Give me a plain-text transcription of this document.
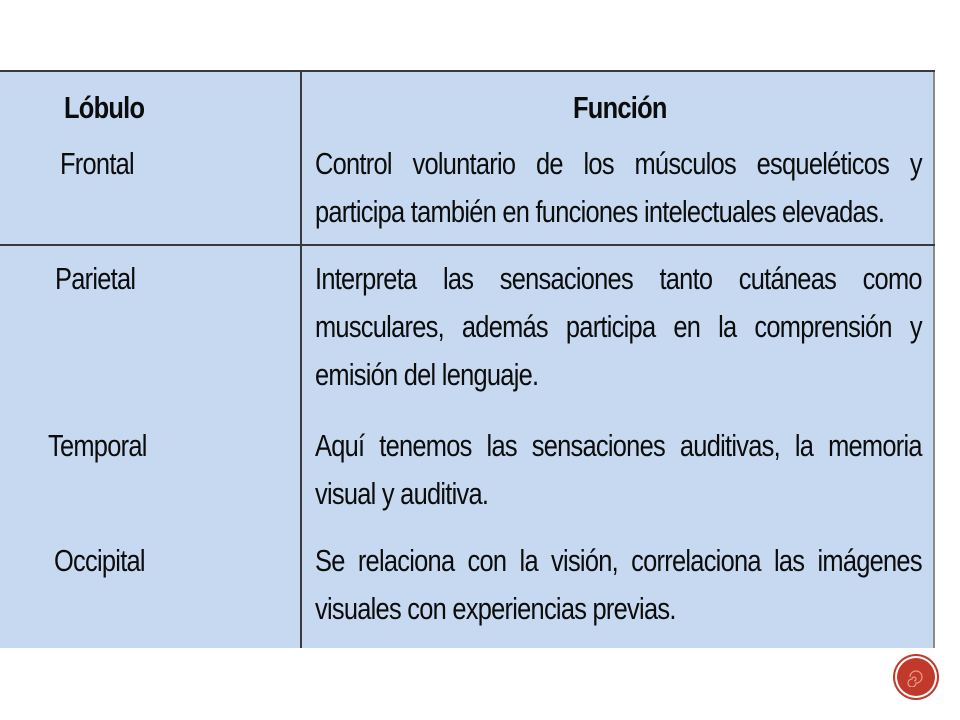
Lóbulo	Función
Frontal	Control voluntario de los músculos esqueléticos y
participa también en funciones intelectuales elevadas.
Parietal	Interpreta las sensaciones tanto cutáneas como
musculares, además participa en la comprensión y
emisión del lenguaje.
Temporal	Aquí tenemos las sensaciones auditivas, la memoria
visual y auditiva.
Occipital	Se relaciona con la visión, correlaciona las imágenes
visuales con experiencias previas.
